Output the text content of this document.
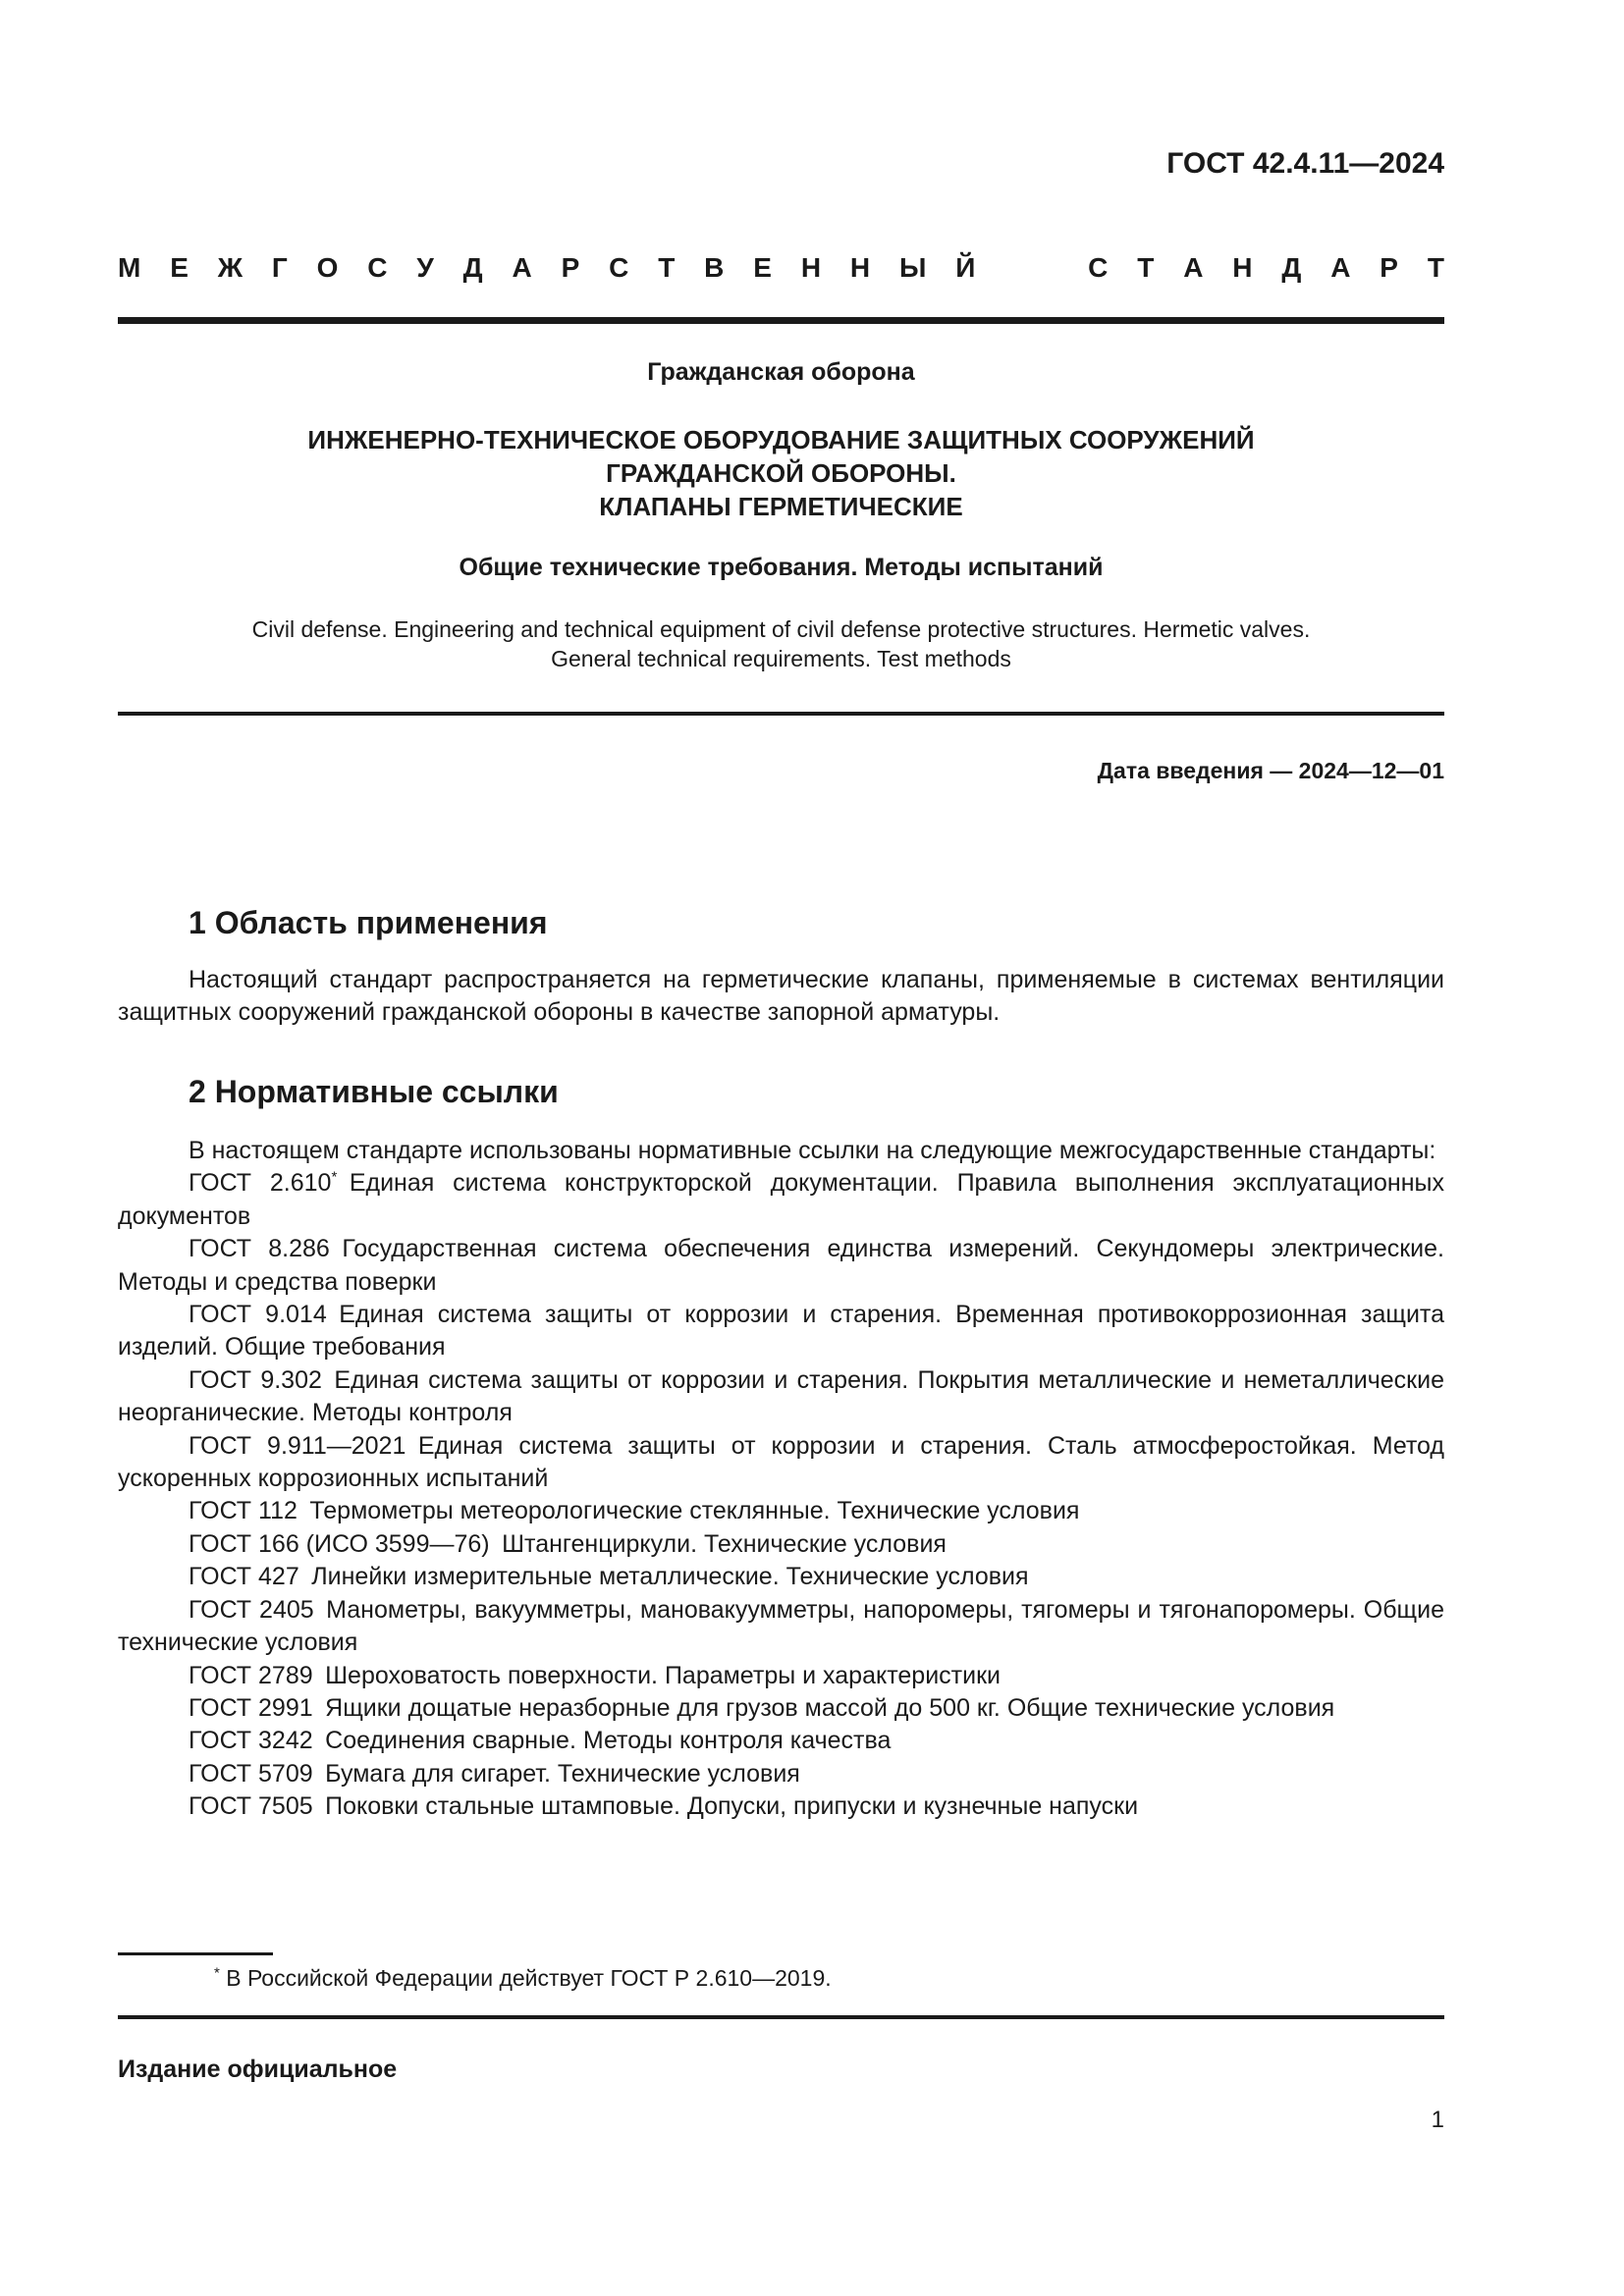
ГОСТ 42.4.11—2024
М Е Ж Г О С У Д А Р С Т В Е Н Н Ы Й	С Т А Н Д А Р Т
Гражданская оборона
ИНЖЕНЕРНО-ТЕХНИЧЕСКОЕ ОБОРУДОВАНИЕ ЗАЩИТНЫХ СООРУЖЕНИЙ
ГРАЖДАНСКОЙ ОБОРОНЫ.
КЛАПАНЫ ГЕРМЕТИЧЕСКИЕ
Общие технические требования. Методы испытаний
Civil defense. Engineering and technical equipment of civil defense protective structures. Hermetic valves.
General technical requirements. Test methods
Дата введения — 2024—12—01
1 Область применения
Настоящий стандарт распространяется на герметические клапаны, применяемые в системах вентиляции защитных сооружений гражданской обороны в качестве запорной арматуры.
2 Нормативные ссылки

В настоящем стандарте использованы нормативные ссылки на следующие межгосударственные стандарты:

ГОСТ 2.610*  Единая система конструкторской документации. Правила выполнения эксплуатационных документов

ГОСТ 8.286  Государственная система обеспечения единства измерений. Секундомеры электрические. Методы и средства поверки

ГОСТ 9.014  Единая система защиты от коррозии и старения. Временная противокоррозионная защита изделий. Общие требования

ГОСТ 9.302  Единая система защиты от коррозии и старения. Покрытия металлические и неметаллические неорганические. Методы контроля

ГОСТ 9.911—2021  Единая система защиты от коррозии и старения. Сталь атмосферостойкая. Метод ускоренных коррозионных испытаний

ГОСТ 112  Термометры метеорологические стеклянные. Технические условия

ГОСТ 166 (ИСО 3599—76)  Штангенциркули. Технические условия

ГОСТ 427  Линейки измерительные металлические. Технические условия

ГОСТ 2405  Манометры, вакуумметры, мановакуумметры, напоромеры, тягомеры и тягонапоромеры. Общие технические условия

ГОСТ 2789  Шероховатость поверхности. Параметры и характеристики

ГОСТ 2991  Ящики дощатые неразборные для грузов массой до 500 кг. Общие технические условия

ГОСТ 3242  Соединения сварные. Методы контроля качества

ГОСТ 5709  Бумага для сигарет. Технические условия

ГОСТ 7505  Поковки стальные штамповые. Допуски, припуски и кузнечные напуски

* В Российской Федерации действует ГОСТ Р 2.610—2019.
Издание официальное
1
